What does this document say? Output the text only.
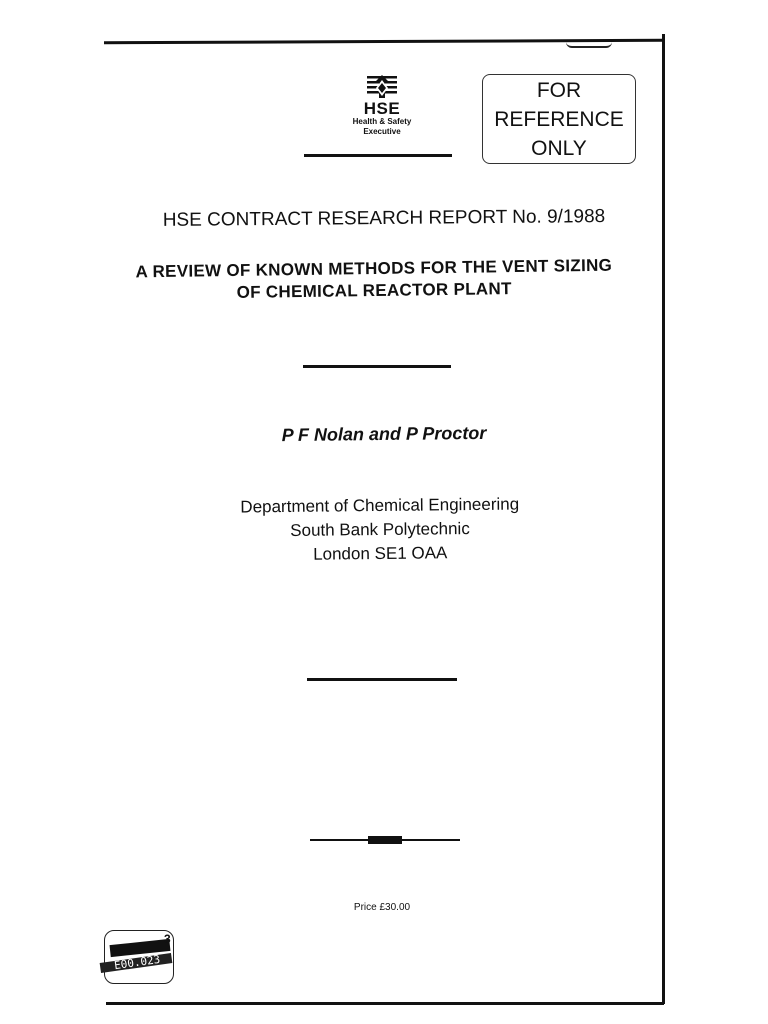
HSE
Health & Safety
Executive
FOR
REFERENCE
ONLY
HSE CONTRACT RESEARCH REPORT No. 9/1988
A REVIEW OF KNOWN METHODS FOR THE VENT SIZING
OF CHEMICAL REACTOR PLANT
P F Nolan and P Proctor
Department of Chemical Engineering
South Bank Polytechnic
London SE1 OAA
Price £30.00
E00.023
3
